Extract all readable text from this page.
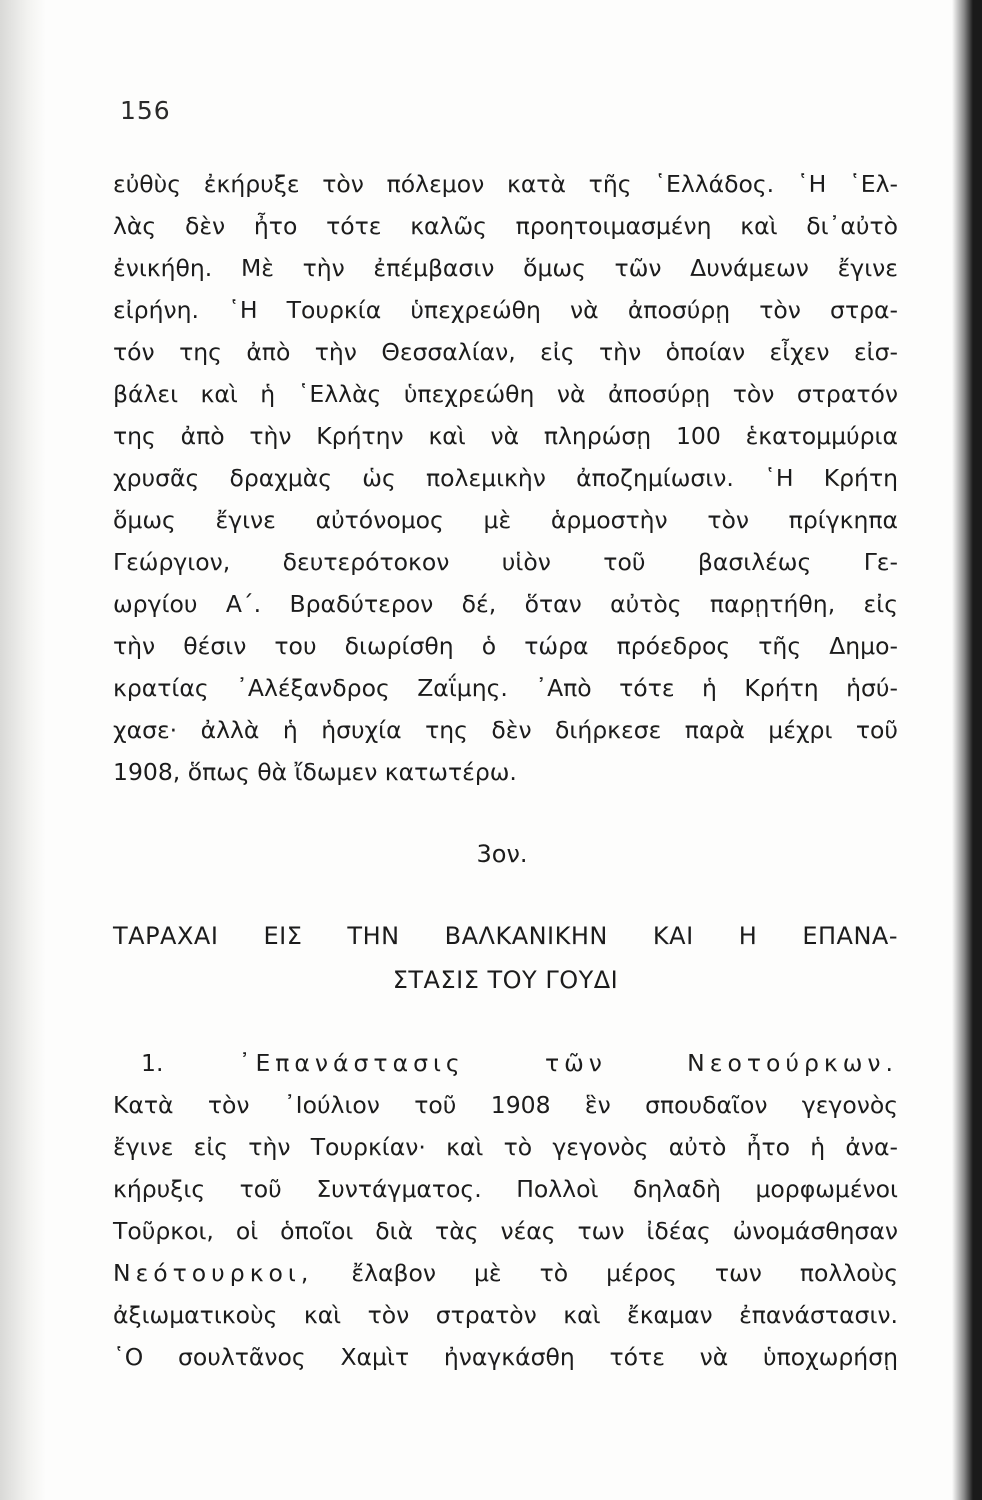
156
εὐθὺς ἐκήρυξε τὸν πόλεμον κατὰ τῆς ῾Ελλάδος. ῾Η ῾Ελ-
λὰς δὲν ἦτο τότε καλῶς προητοιμασμένη καὶ δι᾽αὐτὸ
ἐνικήθη. Μὲ τὴν ἐπέμβασιν ὅμως τῶν Δυνάμεων ἔγινε
εἰρήνη. ῾Η Τουρκία ὑπεχρεώθη νὰ ἀποσύρῃ τὸν στρα-
τόν της ἀπὸ τὴν Θεσσαλίαν, εἰς τὴν ὁποίαν εἶχεν εἰσ-
βάλει καὶ ἡ ῾Ελλὰς ὑπεχρεώθη νὰ ἀποσύρῃ τὸν στρατόν
της ἀπὸ τὴν Κρήτην καὶ νὰ πληρώσῃ 100 ἑκατομμύρια
χρυσᾶς δραχμὰς ὡς πολεμικὴν ἀποζημίωσιν. ῾Η Κρήτη
ὅμως ἔγινε αὐτόνομος μὲ ἁρμοστὴν τὸν πρίγκηπα
Γεώργιον, δευτερότοκον υἱὸν τοῦ βασιλέως Γε-
ωργίου Α΄. Βραδύτερον δέ, ὅταν αὐτὸς παρῃτήθη, εἰς
τὴν θέσιν του διωρίσθη ὁ τώρα πρόεδρος τῆς Δημο-
κρατίας ᾿Αλέξανδρος Ζαΐμης. ᾿Απὸ τότε ἡ Κρήτη ἡσύ-
χασε· ἀλλὰ ἡ ἡσυχία της δὲν διήρκεσε παρὰ μέχρι τοῦ
1908, ὅπως θὰ ἴδωμεν κατωτέρω.
3ον.
ΤΑΡΑΧΑΙ ΕΙΣ ΤΗΝ ΒΑΛΚΑΝΙΚΗΝ ΚΑΙ Η ΕΠΑΝΑ-
ΣΤΑΣΙΣ ΤΟΥ ΓΟΥΔΙ
1.	᾿Επανάστασις τῶν Νεοτούρκων.
Κατὰ τὸν ᾿Ιούλιον τοῦ 1908 ἓν σπουδαῖον γεγονὸς
ἔγινε εἰς τὴν Τουρκίαν· καὶ τὸ γεγονὸς αὐτὸ ἦτο ἡ ἀνα-
κήρυξις τοῦ Συντάγματος. Πολλοὶ δηλαδὴ μορφωμένοι
Τοῦρκοι, οἱ ὁποῖοι διὰ τὰς νέας των ἰδέας ὠνομάσθησαν
Νεότουρκοι, ἔλαβον μὲ τὸ μέρος των πολλοὺς
ἀξιωματικοὺς καὶ τὸν στρατὸν καὶ ἔκαμαν ἐπανάστασιν.
῾Ο σουλτᾶνος Χαμὶτ ἠναγκάσθη τότε νὰ ὑποχωρήσῃ
